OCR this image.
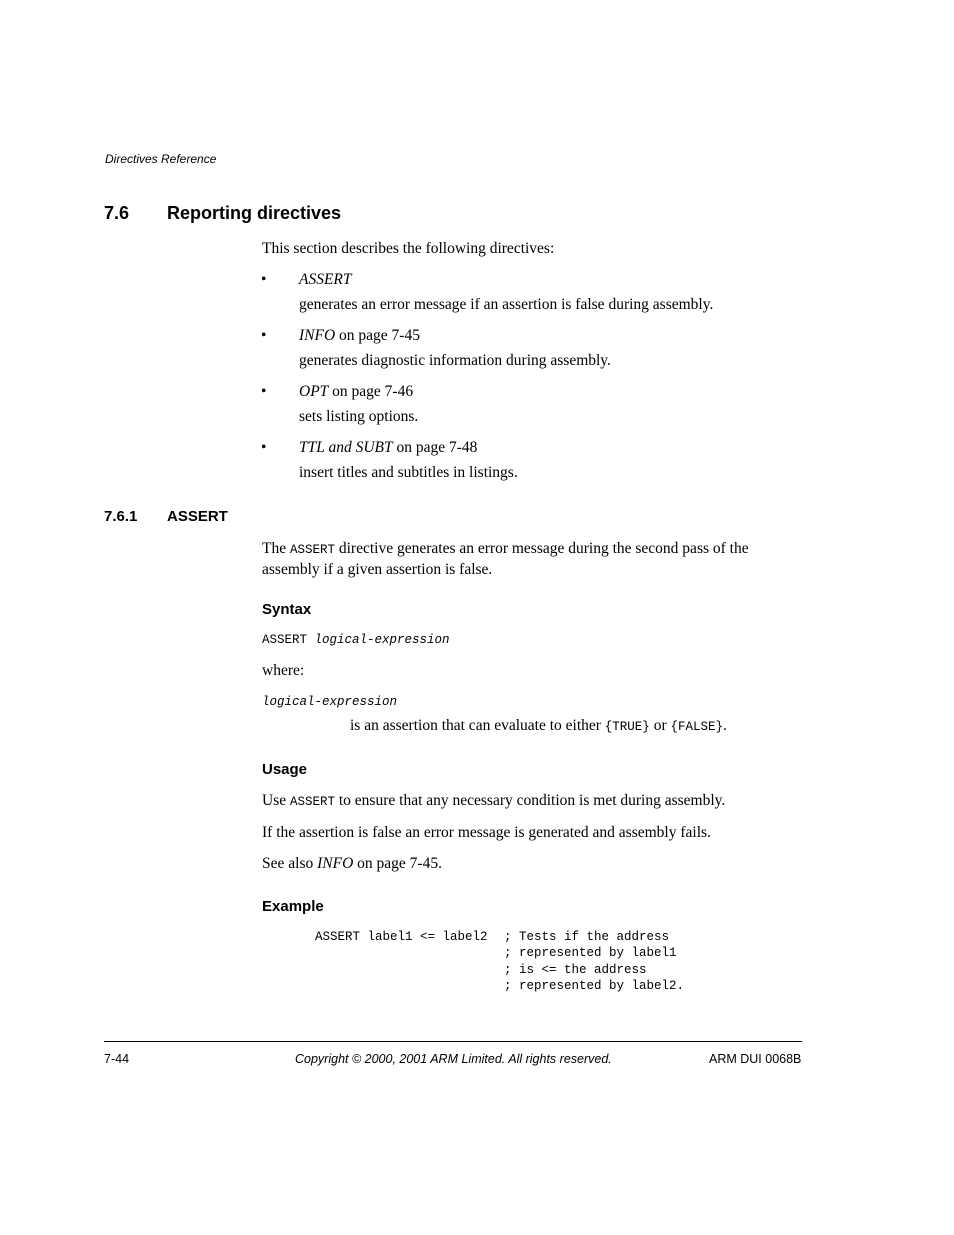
Directives Reference
7.6 Reporting directives
This section describes the following directives:
• ASSERT
generates an error message if an assertion is false during assembly.
• INFO on page 7-45
generates diagnostic information during assembly.
• OPT on page 7-46
sets listing options.
• TTL and SUBT on page 7-48
insert titles and subtitles in listings.
7.6.1 ASSERT
The ASSERT directive generates an error message during the second pass of the assembly if a given assertion is false.
Syntax
ASSERT logical-expression
where:
logical-expression
is an assertion that can evaluate to either {TRUE} or {FALSE}.
Usage
Use ASSERT to ensure that any necessary condition is met during assembly.
If the assertion is false an error message is generated and assembly fails.
See also INFO on page 7-45.
Example
ASSERT label1 <= label2 ; Tests if the address
; represented by label1
; is <= the address
; represented by label2.
7-44	Copyright © 2000, 2001 ARM Limited. All rights reserved.	ARM DUI 0068B
